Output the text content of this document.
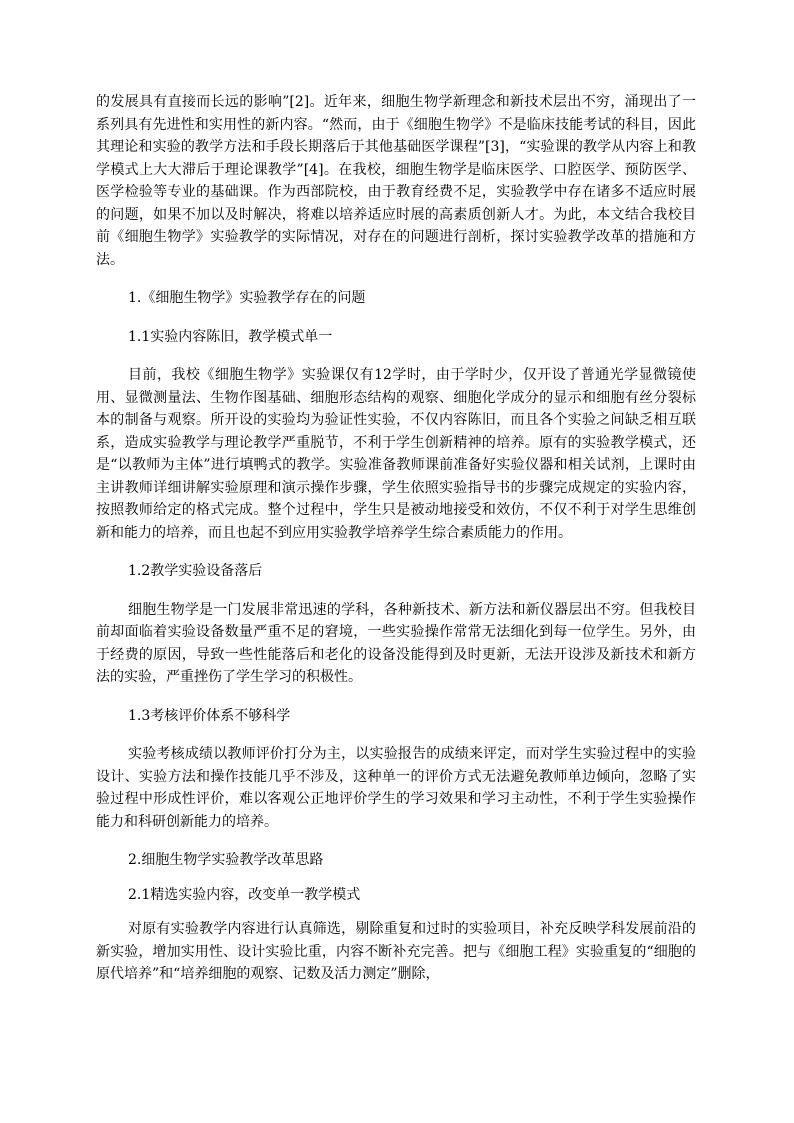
的发展具有直接而长远的影响”[2]。近年来，细胞生物学新理念和新技术层出不穷，涌现出了一系列具有先进性和实用性的新内容。“然而，由于《细胞生物学》不是临床技能考试的科目，因此其理论和实验的教学方法和手段长期落后于其他基础医学课程”[3]，“实验课的教学从内容上和教学模式上大大滞后于理论课教学”[4]。在我校，细胞生物学是临床医学、口腔医学、预防医学、医学检验等专业的基础课。作为西部院校，由于教育经费不足，实验教学中存在诸多不适应时展的问题，如果不加以及时解决，将难以培养适应时展的高素质创新人才。为此，本文结合我校目前《细胞生物学》实验教学的实际情况，对存在的问题进行剖析，探讨实验教学改革的措施和方法。

1.《细胞生物学》实验教学存在的问题

1.1实验内容陈旧，教学模式单一

目前，我校《细胞生物学》实验课仅有12学时，由于学时少，仅开设了普通光学显微镜使用、显微测量法、生物作图基础、细胞形态结构的观察、细胞化学成分的显示和细胞有丝分裂标本的制备与观察。所开设的实验均为验证性实验，不仅内容陈旧，而且各个实验之间缺乏相互联系，造成实验教学与理论教学严重脱节，不利于学生创新精神的培养。原有的实验教学模式，还是“以教师为主体”进行填鸭式的教学。实验准备教师课前准备好实验仪器和相关试剂，上课时由主讲教师详细讲解实验原理和演示操作步骤，学生依照实验指导书的步骤完成规定的实验内容，按照教师给定的格式完成。整个过程中，学生只是被动地接受和效仿，不仅不利于对学生思维创新和能力的培养，而且也起不到应用实验教学培养学生综合素质能力的作用。

1.2教学实验设备落后

细胞生物学是一门发展非常迅速的学科，各种新技术、新方法和新仪器层出不穷。但我校目前却面临着实验设备数量严重不足的窘境，一些实验操作常常无法细化到每一位学生。另外，由于经费的原因，导致一些性能落后和老化的设备没能得到及时更新，无法开设涉及新技术和新方法的实验，严重挫伤了学生学习的积极性。

1.3考核评价体系不够科学

实验考核成绩以教师评价打分为主，以实验报告的成绩来评定，而对学生实验过程中的实验设计、实验方法和操作技能几乎不涉及，这种单一的评价方式无法避免教师单边倾向，忽略了实验过程中形成性评价，难以客观公正地评价学生的学习效果和学习主动性，不利于学生实验操作能力和科研创新能力的培养。

2.细胞生物学实验教学改革思路

2.1精选实验内容，改变单一教学模式

对原有实验教学内容进行认真筛选，剔除重复和过时的实验项目，补充反映学科发展前沿的新实验，增加实用性、设计实验比重，内容不断补充完善。把与《细胞工程》实验重复的“细胞的原代培养”和“培养细胞的观察、记数及活力测定”删除，
